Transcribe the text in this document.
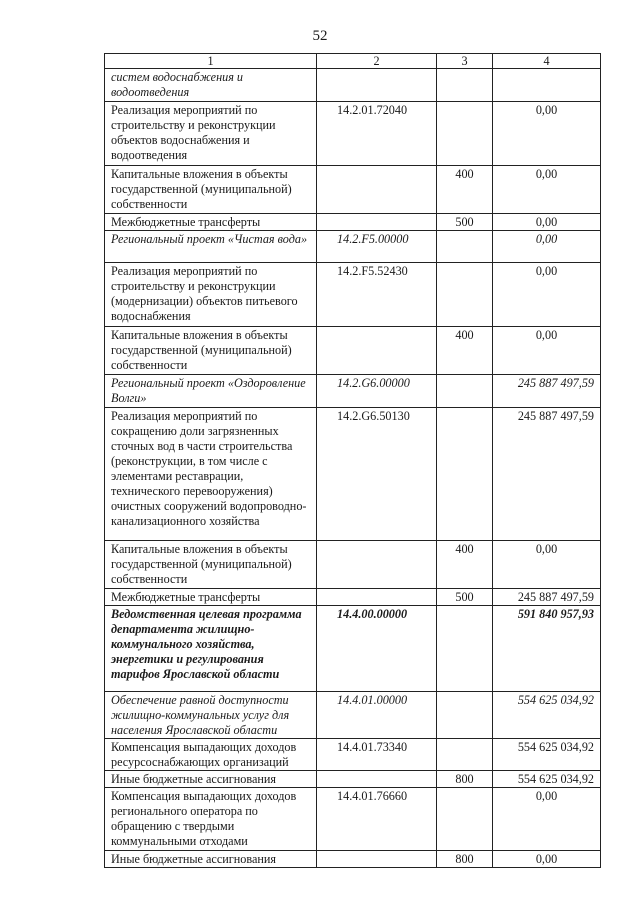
52
1	2	3	4
систем водоснабжения и водоотведения			
Реализация мероприятий по строительству и реконструкции объектов водоснабжения и водоотведения	14.2.01.72040		0,00
Капитальные вложения в объекты государственной (муниципальной) собственности		400	0,00
Межбюджетные трансферты		500	0,00
Региональный проект «Чистая вода»	14.2.F5.00000		0,00
Реализация мероприятий по строительству и реконструкции (модернизации) объектов питьевого водоснабжения	14.2.F5.52430		0,00
Капитальные вложения в объекты государственной (муниципальной) собственности		400	0,00
Региональный проект «Оздоровление Волги»	14.2.G6.00000		245 887 497,59
Реализация мероприятий по сокращению доли загрязненных сточных вод в части строительства (реконструкции, в том числе с элементами реставрации, технического перевооружения) очистных сооружений водопроводно-канализационного хозяйства	14.2.G6.50130		245 887 497,59
Капитальные вложения в объекты государственной (муниципальной) собственности		400	0,00
Межбюджетные трансферты		500	245 887 497,59
Ведомственная целевая программа департамента жилищно-коммунального хозяйства, энергетики и регулирования тарифов Ярославской области	14.4.00.00000		591 840 957,93
Обеспечение равной доступности жилищно-коммунальных услуг для населения Ярославской области	14.4.01.00000		554 625 034,92
Компенсация выпадающих доходов ресурсоснабжающих организаций	14.4.01.73340		554 625 034,92
Иные бюджетные ассигнования		800	554 625 034,92
Компенсация выпадающих доходов регионального оператора по обращению с твердыми коммунальными отходами	14.4.01.76660		0,00
Иные бюджетные ассигнования		800	0,00
